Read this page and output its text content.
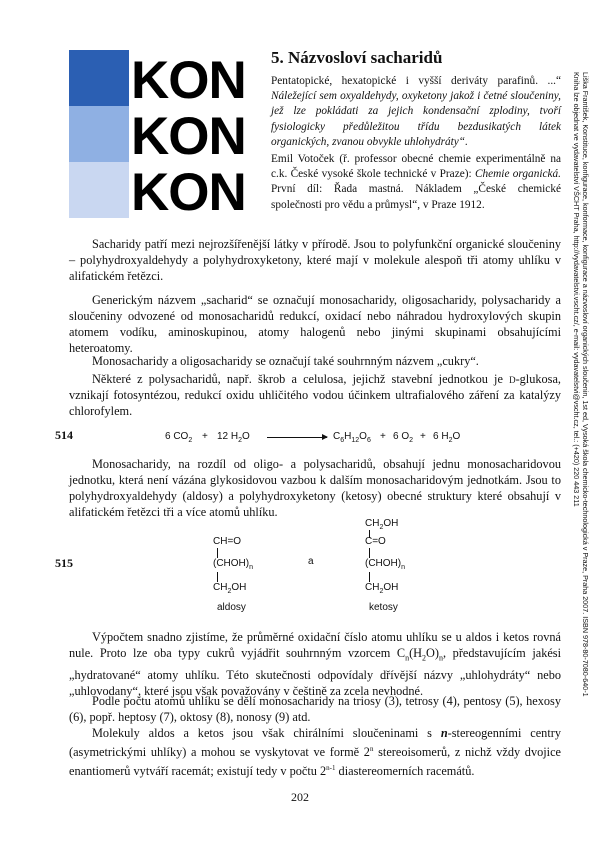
KON
KON
KON
5. Názvosloví sacharidů

Pentatopické, hexatopické i vyšší deriváty parafinů. ...“ Náležející sem oxyaldehydy, oxyketony jakož i četné sloučeniny, jež lze pokládati za jejich kondensační zplodiny, tvoří fysiologicky předůležitou třídu bezdusikatých látek organických, zvanou obvykle uhlohydráty“.

Emil Votoček (ř. professor obecné chemie experimentálně na c.k. České vysoké škole technické v Praze): Chemie organická. První díl: Řada mastná. Nákladem „České chemické společnosti pro vědu a průmysl“, v Praze 1912.	Liška František, Konstituce, konfigurace, konformace, konfigurace a názvosloví organických sloučenin, 1st ed, Vysoká škola chemicko-technologická v Praze, Praha 2007. ISBN 978-80-7080-640-1
Kniha lze objednat ve vydavatelství VŠCHT Praha, http://vydavatelstvi.vscht.cz/, e-mail: vydavatelstvi@vscht.cz, tel.: (+420) 220 443 211

Sacharidy patří mezi nejrozšířenější látky v přírodě. Jsou to polyfunkční organické sloučeniny – polyhydroxyaldehydy a polyhydroxyketony, které mají v molekule alespoň tři atomy uhlíku v alifatickém řetězci.

Generickým názvem „sacharid“ se označují monosacharidy, oligosacharidy, polysacharidy a sloučeniny odvozené od monosacharidů redukcí, oxidací nebo náhradou hydroxylových skupin atomem vodíku, aminoskupinou, atomy halogenů nebo jinými skupinami obsahujícími heteroatomy.

Monosacharidy a oligosacharidy se označují také souhrnným názvem „cukry“.

Některé z polysacharidů, např. škrob a celulosa, jejichž stavební jednotkou je d-glukosa, vznikají fotosyntézou, redukcí oxidu uhličitého vodou účinkem ultrafialového záření za katalýzy chlorofylem.

514	6 $CO_2 + 12$ $H_2O$	$C_6H_{12}O_6 + 6$ $O_2 + 6$ $H_2O$

Monosacharidy, na rozdíl od oligo- a polysacharidů, obsahují jednu monosacharidovou jednotku, která není vázána glykosidovou vazbou k dalším monosacharidovým jednotkám. Jsou to polyhydroxyaldehydy (aldosy) a polyhydroxyketony (ketosy) obecné struktury které obsahují v alifatickém řetězci tři a více atomů uhlíku.

515
CH=O
$(CHOH)_n$
$CH_2OH$
aldosy
a
$CH_2OH$
C=O
$(CHOH)_n$
$CH_2OH$
ketosy

Výpočtem snadno zjistíme, že průměrné oxidační číslo atomu uhlíku se u aldos i ketos rovná nule. Proto lze oba typy cukrů vyjádřit souhrnným vzorcem $C_n(H_2O)_n$, představujícím jakési „hydratované“ atomy uhlíku. Této skutečnosti odpovídaly dřívější názvy „uhlohydráty“ nebo „uhlovodany“, které jsou však považovány v češtině za zcela nevhodné.

Podle počtu atomů uhlíku se dělí monosacharidy na triosy (3), tetrosy (4), pentosy (5), hexosy (6), popř. heptosy (7), oktosy (8), nonosy (9) atd.

Molekuly aldos a ketos jsou však chirálními sloučeninami s n-stereogenními centry (asymetrickými uhlíky) a mohou se vyskytovat ve formě 2$^n$ stereoisomerů, z nichž vždy dvojice enantiomerů vytváří racemát; existují tedy v počtu 2$^{n-1}$ diastereomerních racemátů.

202
